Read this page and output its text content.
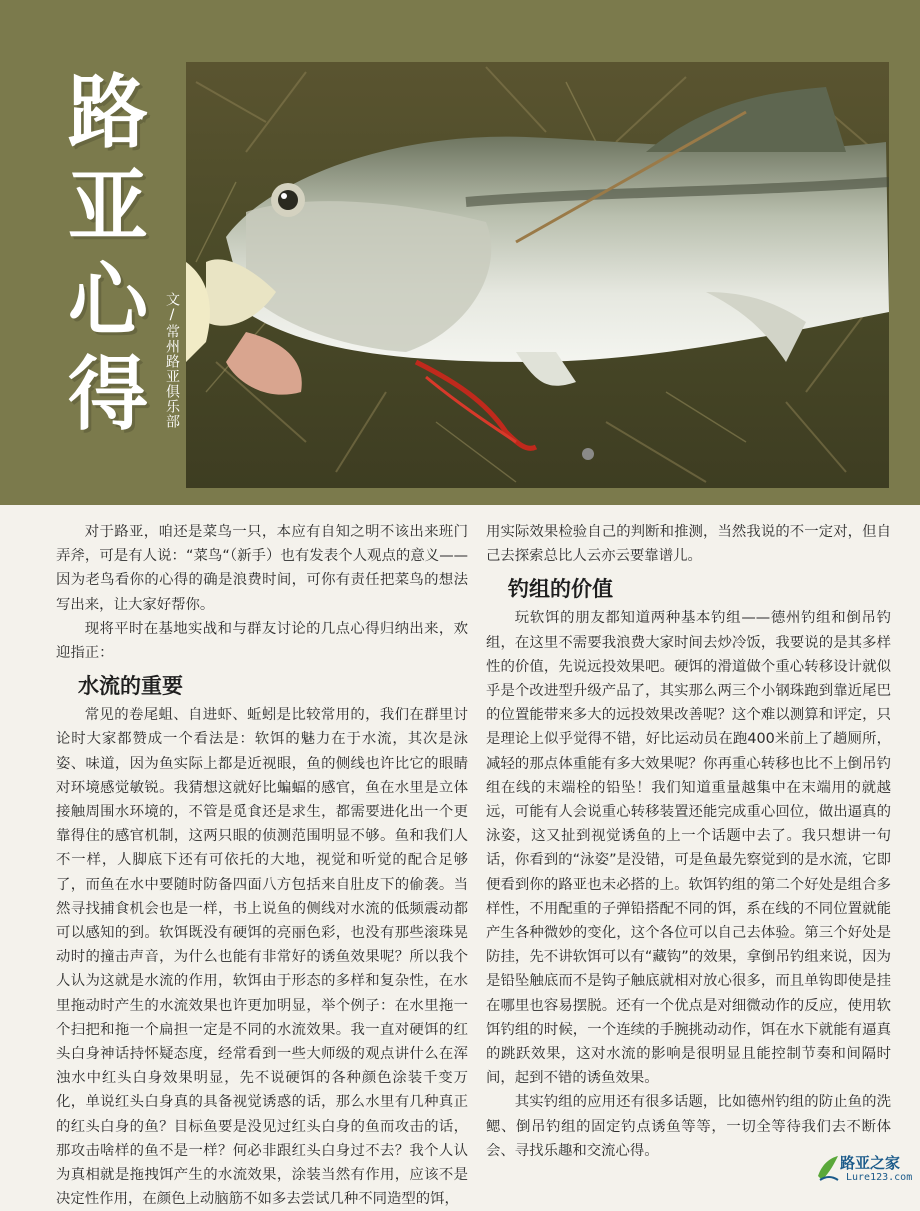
路
亚
心
得 文/常州路亚俱乐部

对于路亚，咱还是菜鸟一只，本应有自知之明不该出来班门弄斧，可是有人说：“菜鸟“（新手）也有发表个人观点的意义——因为老鸟看你的心得的确是浪费时间，可你有责任把菜鸟的想法写出来，让大家好帮你。

现将平时在基地实战和与群友讨论的几点心得归纳出来，欢迎指正：

水流的重要

常见的卷尾蛆、自进虾、蚯蚓是比较常用的，我们在群里讨论时大家都赞成一个看法是：软饵的魅力在于水流，其次是泳姿、味道，因为鱼实际上都是近视眼，鱼的侧线也许比它的眼睛对环境感觉敏锐。我猜想这就好比蝙蝠的感官，鱼在水里是立体接触周围水环境的，不管是觅食还是求生，都需要进化出一个更靠得住的感官机制，这两只眼的侦测范围明显不够。鱼和我们人不一样，人脚底下还有可依托的大地，视觉和听觉的配合足够了，而鱼在水中要随时防备四面八方包括来自肚皮下的偷袭。当然寻找捕食机会也是一样，书上说鱼的侧线对水流的低频震动都可以感知的到。软饵既没有硬饵的亮丽色彩，也没有那些滚珠晃动时的撞击声音，为什么也能有非常好的诱鱼效果呢？所以我个人认为这就是水流的作用，软饵由于形态的多样和复杂性，在水里拖动时产生的水流效果也许更加明显，举个例子：在水里拖一个扫把和拖一个扁担一定是不同的水流效果。我一直对硬饵的红头白身神话持怀疑态度，经常看到一些大师级的观点讲什么在浑浊水中红头白身效果明显，先不说硬饵的各种颜色涂装千变万化，单说红头白身真的具备视觉诱惑的话，那么水里有几种真正的红头白身的鱼？目标鱼要是没见过红头白身的鱼而攻击的话，那攻击啥样的鱼不是一样？何必非跟红头白身过不去？我个人认为真相就是拖拽饵产生的水流效果，涂装当然有作用，应该不是决定性作用，在颜色上动脑筋不如多去尝试几种不同造型的饵，

用实际效果检验自己的判断和推测，当然我说的不一定对，但自己去探索总比人云亦云要靠谱儿。

钓组的价值

玩软饵的朋友都知道两种基本钓组——德州钓组和倒吊钓组，在这里不需要我浪费大家时间去炒冷饭，我要说的是其多样性的价值，先说远投效果吧。硬饵的滑道做个重心转移设计就似乎是个改进型升级产品了，其实那么两三个小钢珠跑到靠近尾巴的位置能带来多大的远投效果改善呢？这个难以测算和评定，只是理论上似乎觉得不错，好比运动员在跑400米前上了趟厕所，减轻的那点体重能有多大效果呢？你再重心转移也比不上倒吊钓组在线的末端栓的铅坠！我们知道重量越集中在末端用的就越远，可能有人会说重心转移装置还能完成重心回位，做出逼真的泳姿，这又扯到视觉诱鱼的上一个话题中去了。我只想讲一句话，你看到的“泳姿”是没错，可是鱼最先察觉到的是水流，它即便看到你的路亚也未必搭的上。软饵钓组的第二个好处是组合多样性，不用配重的子弹铅搭配不同的饵，系在线的不同位置就能产生各种微妙的变化，这个各位可以自己去体验。第三个好处是防挂，先不讲软饵可以有“藏钩”的效果，拿倒吊钓组来说，因为是铅坠触底而不是钩子触底就相对放心很多，而且单钩即使是挂在哪里也容易摆脱。还有一个优点是对细微动作的反应，使用软饵钓组的时候，一个连续的手腕挑动动作，饵在水下就能有逼真的跳跃效果，这对水流的影响是很明显且能控制节奏和间隔时间，起到不错的诱鱼效果。

其实钓组的应用还有很多话题，比如德州钓组的防止鱼的洗鳃、倒吊钓组的固定钓点诱鱼等等，一切全等待我们去不断体会、寻找乐趣和交流心得。

路亚之家
Lure123.com
